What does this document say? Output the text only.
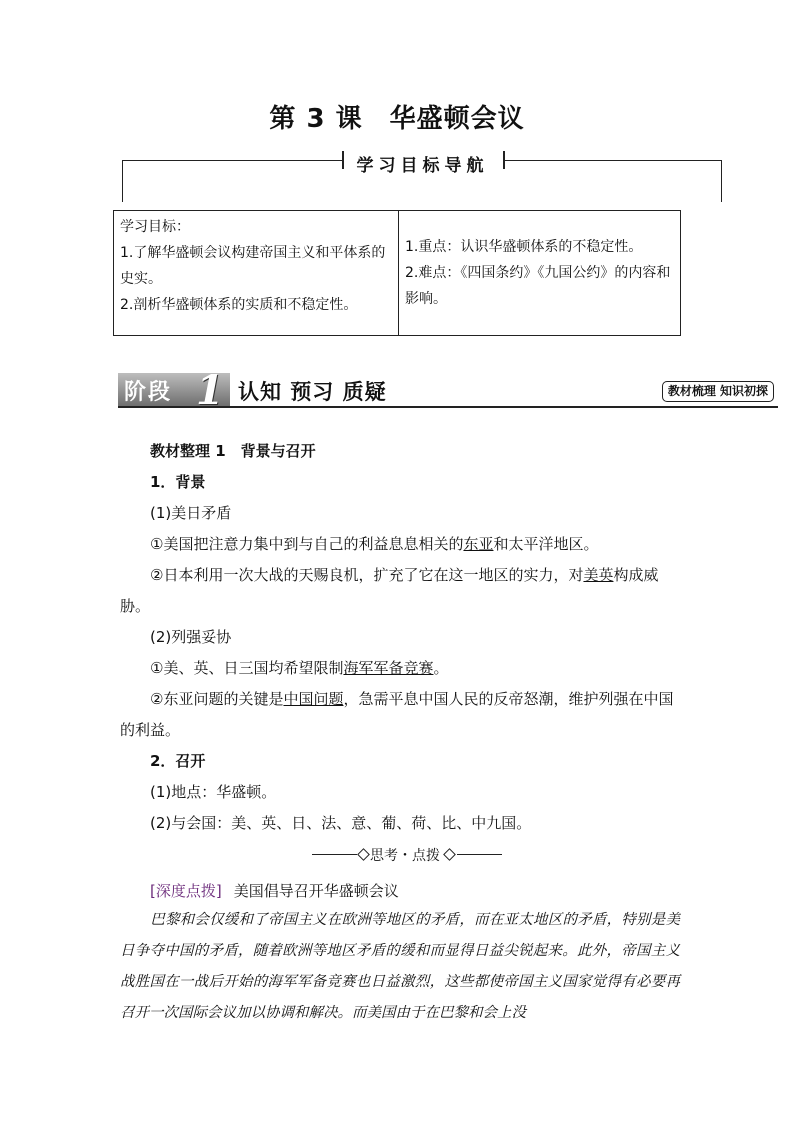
第 3 课　华盛顿会议
学习目标导航
学习目标：
1.了解华盛顿会议构建帝国主义和平体系的史实。
2.剖析华盛顿体系的实质和不稳定性。

1.重点：认识华盛顿体系的不稳定性。
2.难点：《四国条约》《九国公约》的内容和影响。
阶段 1 认知 预习 质疑	教材梳理 知识初探

教材整理 1　背景与召开

1．背景

(1)美日矛盾

①美国把注意力集中到与自己的利益息息相关的东亚和太平洋地区。

②日本利用一次大战的天赐良机，扩充了它在这一地区的实力，对美英构成威胁。

(2)列强妥协

①美、英、日三国均希望限制海军军备竞赛。

②东亚问题的关键是中国问题，急需平息中国人民的反帝怒潮，维护列强在中国的利益。

2．召开

(1)地点：华盛顿。

(2)与会国：美、英、日、法、意、葡、荷、比、中九国。

思考・点拨
[深度点拨] 美国倡导召开华盛顿会议
巴黎和会仅缓和了帝国主义在欧洲等地区的矛盾，而在亚太地区的矛盾，特别是美日争夺中国的矛盾，随着欧洲等地区矛盾的缓和而显得日益尖锐起来。此外，帝国主义战胜国在一战后开始的海军军备竞赛也日益激烈，这些都使帝国主义国家觉得有必要再召开一次国际会议加以协调和解决。而美国由于在巴黎和会上没
